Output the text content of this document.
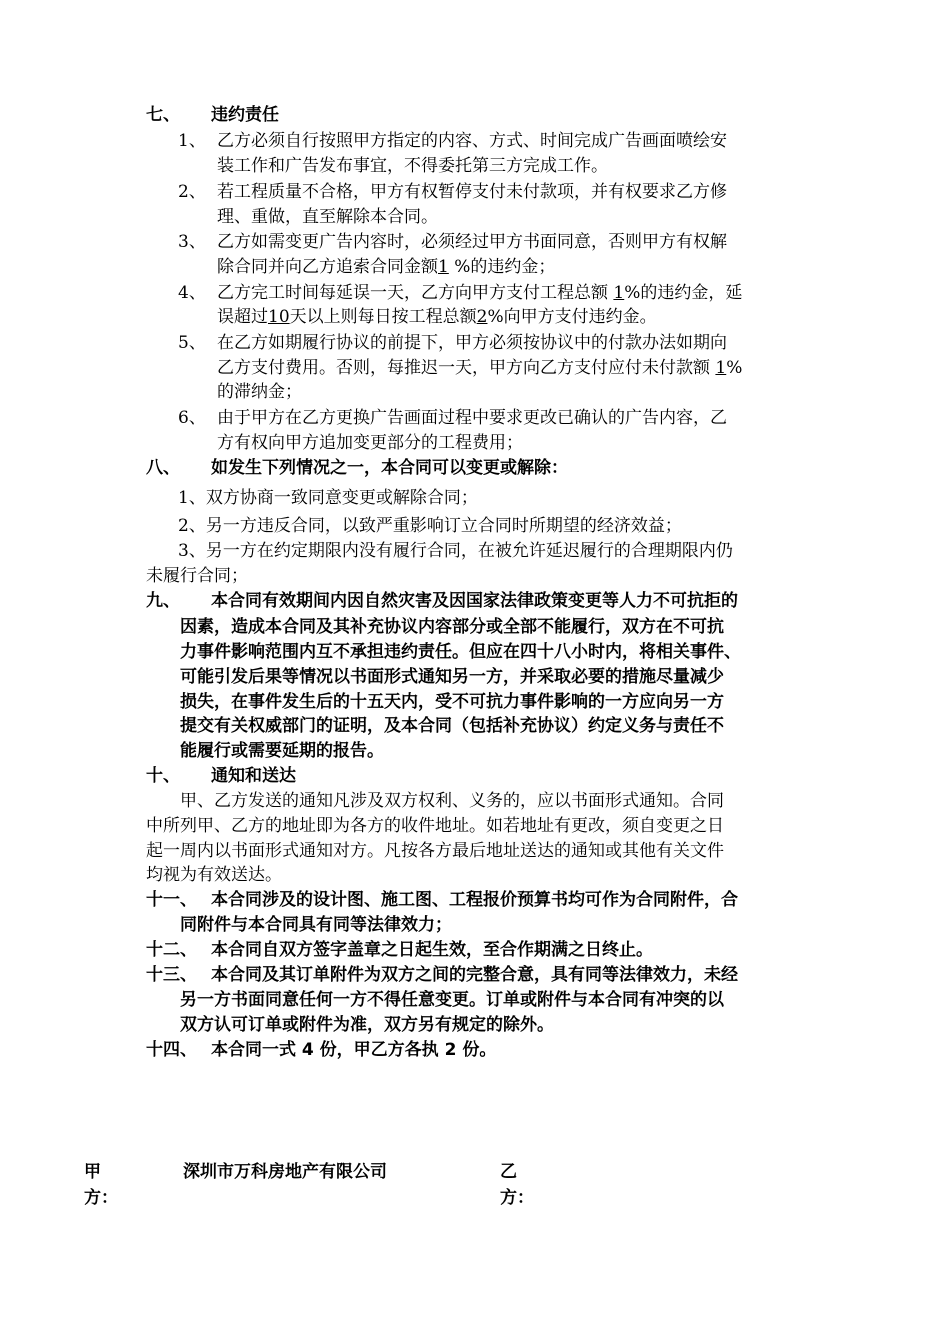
七、 违约责任
1、 乙方必须自行按照甲方指定的内容、方式、时间完成广告画面喷绘安
装工作和广告发布事宜，不得委托第三方完成工作。
2、 若工程质量不合格，甲方有权暂停支付未付款项，并有权要求乙方修
理、重做，直至解除本合同。
3、 乙方如需变更广告内容时，必须经过甲方书面同意，否则甲方有权解
除合同并向乙方追索合同金额1 %的违约金；
4、 乙方完工时间每延误一天，乙方向甲方支付工程总额 1%的违约金，延
误超过10天以上则每日按工程总额2%向甲方支付违约金。
5、 在乙方如期履行协议的前提下，甲方必须按协议中的付款办法如期向
乙方支付费用。否则，每推迟一天，甲方向乙方支付应付未付款额 1%
的滞纳金；
6、 由于甲方在乙方更换广告画面过程中要求更改已确认的广告内容，乙
方有权向甲方追加变更部分的工程费用；
八、 如发生下列情况之一，本合同可以变更或解除：
1、双方协商一致同意变更或解除合同；
2、另一方违反合同，以致严重影响订立合同时所期望的经济效益；
3、另一方在约定期限内没有履行合同，在被允许延迟履行的合理期限内仍
未履行合同；
九、 本合同有效期间内因自然灾害及因国家法律政策变更等人力不可抗拒的
因素，造成本合同及其补充协议内容部分或全部不能履行，双方在不可抗
力事件影响范围内互不承担违约责任。但应在四十八小时内，将相关事件、
可能引发后果等情况以书面形式通知另一方，并采取必要的措施尽量减少
损失，在事件发生后的十五天内，受不可抗力事件影响的一方应向另一方
提交有关权威部门的证明，及本合同（包括补充协议）约定义务与责任不
能履行或需要延期的报告。
十、 通知和送达
甲、乙方发送的通知凡涉及双方权利、义务的，应以书面形式通知。合同
中所列甲、乙方的地址即为各方的收件地址。如若地址有更改，须自变更之日
起一周内以书面形式通知对方。凡按各方最后地址送达的通知或其他有关文件
均视为有效送达。
十一、 本合同涉及的设计图、施工图、工程报价预算书均可作为合同附件，合
同附件与本合同具有同等法律效力；
十二、 本合同自双方签字盖章之日起生效，至合作期满之日终止。
十三、 本合同及其订单附件为双方之间的完整合意，具有同等法律效力，未经
另一方书面同意任何一方不得任意变更。订单或附件与本合同有冲突的以
双方认可订单或附件为准，双方另有规定的除外。
十四、 本合同一式 4 份，甲乙方各执 2 份。
甲
方：
深圳市万科房地产有限公司	乙
方：
